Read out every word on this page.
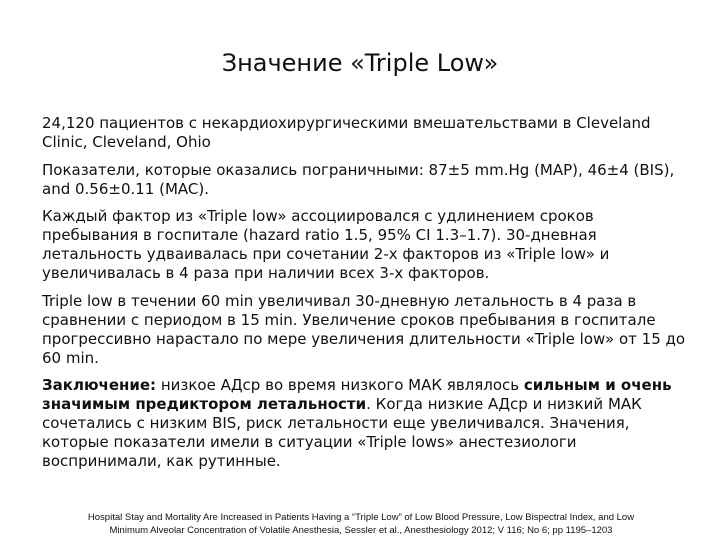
Значение «Triple Low»

24,120 пациентов с некардиохирургическими вмешательствами в Cleveland Clinic, Cleveland, Ohio

Показатели, которые оказались пограничными: 87±5 mm.Hg (MAP), 46±4 (BIS), and 0.56±0.11 (MAC).

Каждый фактор из «Triple low» ассоциировался с удлинением сроков пребывания в госпитале (hazard ratio 1.5, 95% CI 1.3–1.7). 30-дневная летальность удваивалась при сочетании 2-х факторов из «Triple low» и увеличивалась в 4 раза при наличии всех 3-х факторов.

Triple low в течении 60 min увеличивал 30-дневную летальность в 4 раза в сравнении с периодом в 15 min. Увеличение сроков пребывания в госпитале прогрессивно нарастало по мере увеличения длительности «Triple low» от 15 до 60 min.

Заключение: низкое АДср во время низкого МАК являлось сильным и очень значимым предиктором летальности. Когда низкие АДср и низкий МАК сочетались с низким BIS, риск летальности еще увеличивался. Значения, которые показатели имели в ситуации «Triple lows» анестезиологи воспринимали, как рутинные.

Hospital Stay and Mortality Are Increased in Patients Having a “Triple Low” of Low Blood Pressure, Low Bispectral Index, and Low
Minimum Alveolar Concentration of Volatile Anesthesia, Sessler et al., Anesthesiology 2012; V 116; No 6; pp 1195–1203
